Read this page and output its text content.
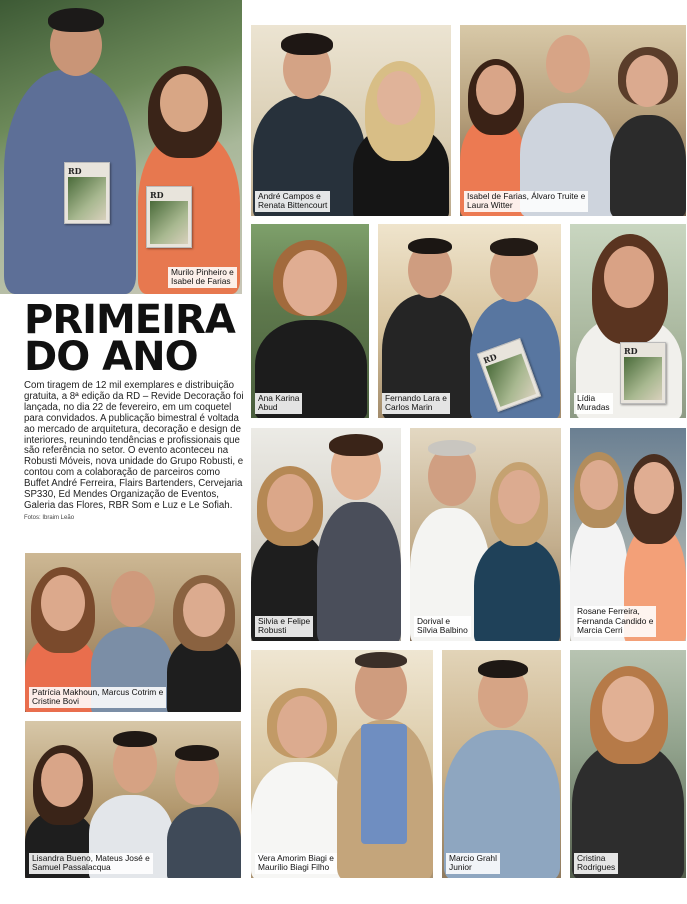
RD
RD
Murilo Pinheiro e
Isabel de Farias
André Campos e
Renata Bittencourt
Isabel de Farias, Álvaro Truite e
Laura Witter
Ana Karina
Abud
RD
Fernando Lara e
Carlos Marin
RD
Lídia
Muradas
Silvia e Felipe
Robusti
Dorival e
Sílvia Balbino
Rosane Ferreira,
Fernanda Candido e
Marcia Cerri
PRIMEIRA
DO ANO
Com tiragem de 12 mil exemplares e distribuição gratuita, a 8ª edição da RD – Revide Decoração foi lançada, no dia 22 de fevereiro, em um coquetel para convidados. A publicação bimestral é voltada ao mercado de arquitetura, decoração e design de interiores, reunindo tendências e profissionais que são referência no setor. O evento aconteceu na Robusti Móveis, nova unidade do Grupo Robusti, e contou com a colaboração de parceiros como Buffet André Ferreira, Flairs Bartenders, Cervejaria SP330, Ed Mendes Organização de Eventos, Galeria das Flores, RBR Som e Luz e Le Sofiah. Fotos: Ibraim Leão
Patrícia Makhoun, Marcus Cotrim e
Cristine Bovi
Lisandra Bueno, Mateus José e
Samuel Passalacqua
Vera Amorim Biagi e
Maurílio Biagi Filho
Marcio Grahl
Junior
Cristina
Rodrigues
